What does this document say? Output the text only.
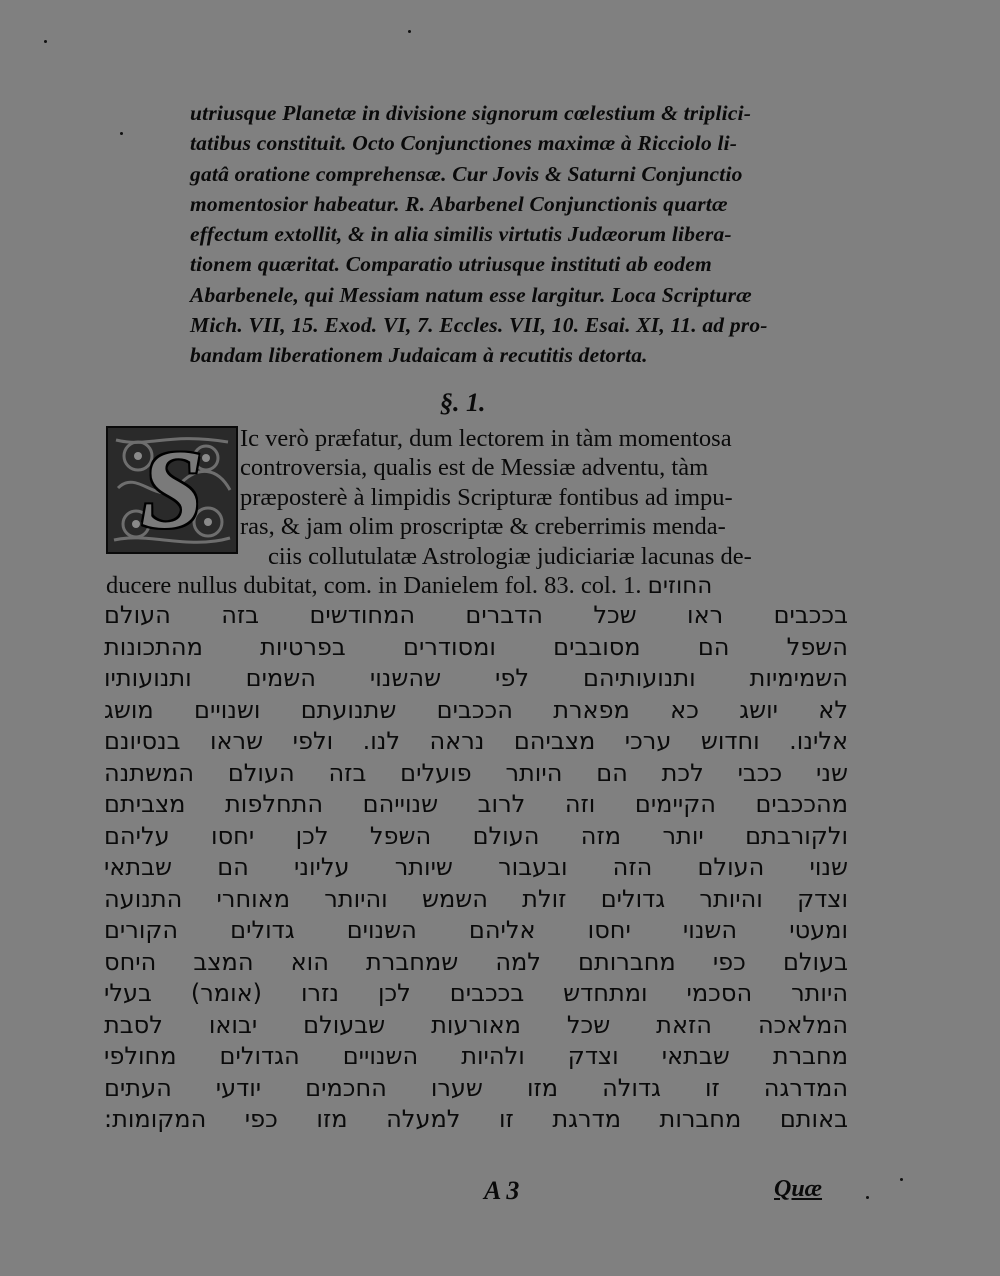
utriusque Planetæ in divisione signorum cœlestium & triplici-
tatibus constituit. Octo Conjunctiones maximæ à Ricciolo li-
gatâ oratione comprehensæ. Cur Jovis & Saturni Conjunctio
momentosior habeatur. R. Abarbenel Conjunctionis quartæ
effectum extollit, & in alia similis virtutis Judæorum libera-
tionem quæritat. Comparatio utriusque instituti ab eodem
Abarbenele, qui Messiam natum esse largitur. Loca Scripturæ
Mich. VII, 15. Exod. VI, 7. Eccles. VII, 10. Esai. XI, 11. ad pro-
bandam liberationem Judaicam à recutitis detorta.
§. 1.
S	Ic verò præfatur, dum lectorem in tàm momentosa
controversia, qualis est de Messiæ adventu, tàm
præposterè à limpidis Scripturæ fontibus ad impu-
ras, & jam olim proscriptæ & creberrimis menda-
ciis collutulatæ Astrologiæ judiciariæ lacunas de-
ducere nullus dubitat, com. in Danielem fol. 83. col. 1. החוזים
בככבים ראו שכל הדברים המחודשים בזה העולם
השפל הם מסובבים ומסודרים בפרטיות מהתכונות
השמימיות ותנועותיהם לפי שהשנוי השמים ותנועותיו
לא יושג כא מפארת הככבים שתנועתם ושנויים מושג
אלינו. וחדוש ערכי מצביהם נראה לנו. ולפי שראו בנסיונם
שני ככבי לכת הם היותר פועלים בזה העולם המשתנה
מהככבים הקיימים וזה לרוב שנוייהם התחלפות מצביתם
ולקורבתם יותר מזה העולם השפל לכן יחסו עליהם
שנוי העולם הזה ובעבור שיותר עליוני הם שבתאי
וצדק והיותר גדולים זולת השמש והיותר מאוחרי התנועה
ומעטי השנוי יחסו אליהם השנוים גדולים הקורים
בעולם כפי מחברותם למה שמחברת הוא המצב היחס
היותר הסכמי ומתחדש בככבים לכן נזרו (אומר) בעלי
המלאכה הזאת שכל מאורעות שבעולם יבואו לסבת
מחברת שבתאי וצדק ולהיות השנויים הגדולים מחולפי
המדרגה זו גדולה מזו שערו החכמים יודעי העתים
באותם מחברות מדרגת זו למעלה מזו כפי המקומות:
A 3	Quæ
